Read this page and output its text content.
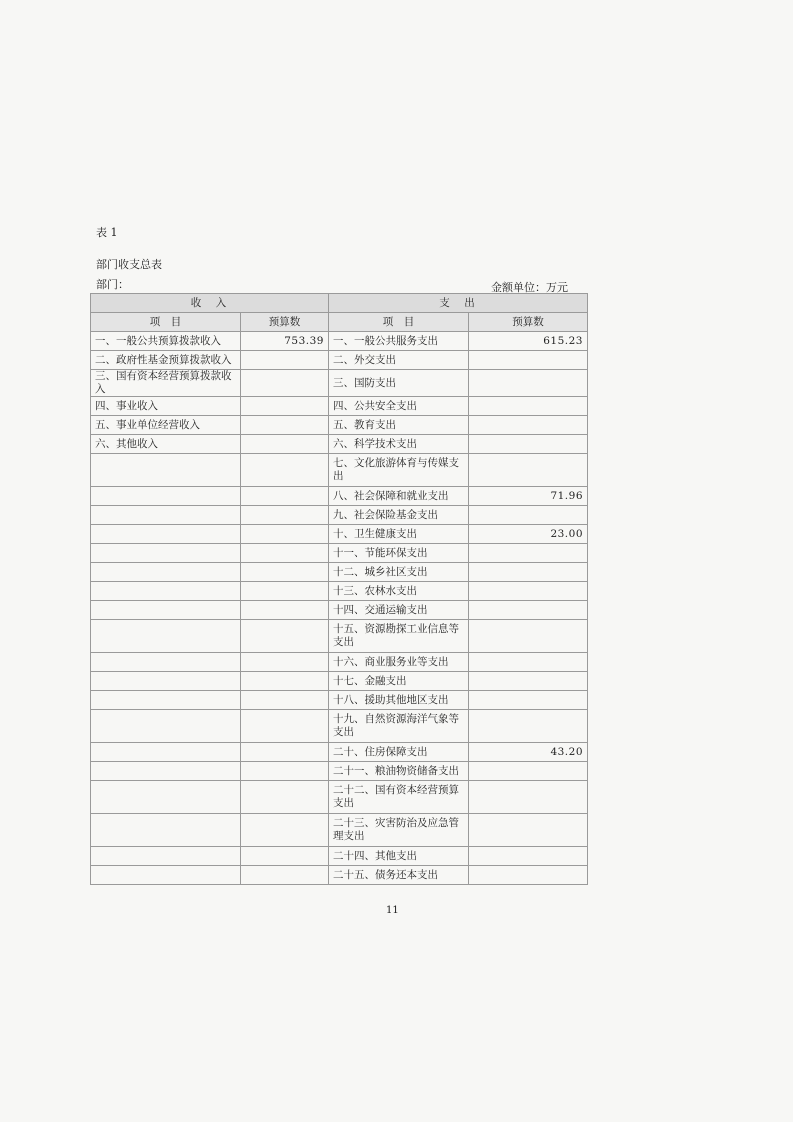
表 1
部门收支总表
部门：	金额单位：万元
收　入		支　出	
项　目	预算数	项　目	预算数
一、一般公共预算拨款收入	753.39	一、一般公共服务支出	615.23
二、政府性基金预算拨款收入		二、外交支出	
三、国有资本经营预算拨款收入		三、国防支出	
四、事业收入		四、公共安全支出	
五、事业单位经营收入		五、教育支出	
六、其他收入		六、科学技术支出	
		七、文化旅游体育与传媒支出	
		八、社会保障和就业支出	71.96
		九、社会保险基金支出	
		十、卫生健康支出	23.00
		十一、节能环保支出	
		十二、城乡社区支出	
		十三、农林水支出	
		十四、交通运输支出	
		十五、资源勘探工业信息等支出	
		十六、商业服务业等支出	
		十七、金融支出	
		十八、援助其他地区支出	
		十九、自然资源海洋气象等支出	
		二十、住房保障支出	43.20
		二十一、粮油物资储备支出	
		二十二、国有资本经营预算支出	
		二十三、灾害防治及应急管理支出	
		二十四、其他支出	
		二十五、债务还本支出	
11
